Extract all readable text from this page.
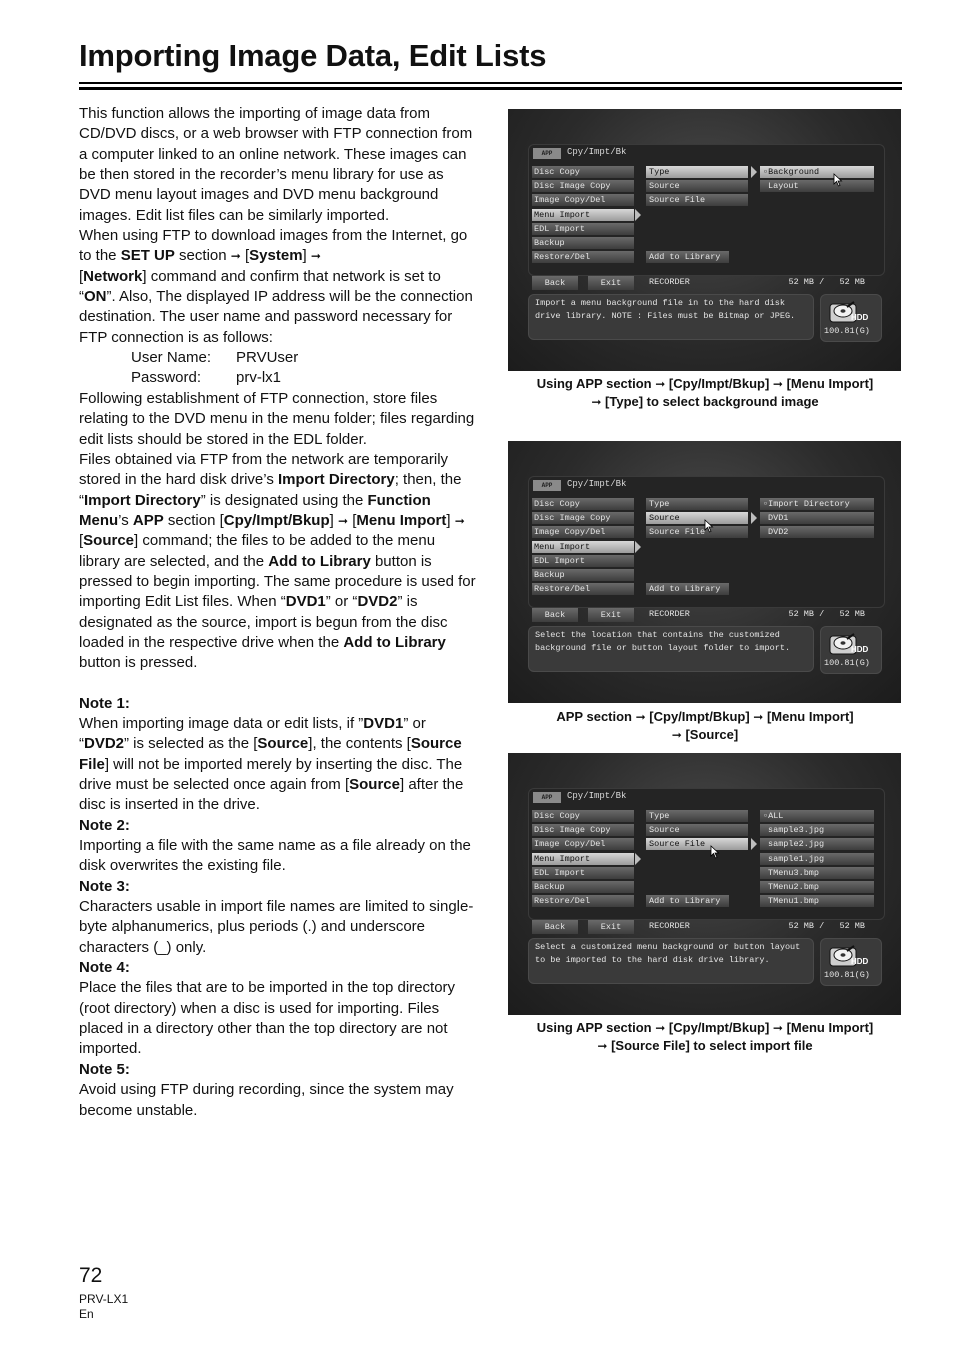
Importing Image Data, Edit Lists

This function allows the importing of image data from CD/DVD discs, or a web browser with FTP connection from a computer linked to an online network. These images can be then stored in the recorder’s menu library for use as DVD menu layout images and DVD menu background images. Edit list files can be similarly imported.

When using FTP to download images from the Internet, go to the SET UP section ➞ [System] ➞
[Network] command and confirm that network is set to “ON”. Also, The displayed IP address will be the connection destination. The user name and password necessary for FTP connection is as follows:

User Name: PRVUser

Password: prv-lx1

Following establishment of FTP connection, store files relating to the DVD menu in the menu folder; files regarding edit lists should be stored in the EDL folder.

Files obtained via FTP from the network are temporarily stored in the hard disk drive’s Import Directory; then, the “Import Directory” is designated using the Function Menu’s APP section [Cpy/Impt/Bkup] ➞ [Menu Import] ➞ [Source] command; the files to be added to the menu library are selected, and the Add to Library button is pressed to begin importing. The same procedure is used for importing Edit List files. When “DVD1” or “DVD2” is designated as the source, import is begun from the disc loaded in the respective drive when the Add to Library button is pressed.

Note 1:

When importing image data or edit lists, if ”DVD1” or “DVD2” is selected as the [Source], the contents [Source File] will not be imported merely by inserting the disc. The drive must be selected once again from [Source] after the disc is inserted in the drive.

Note 2:

Importing a file with the same name as a file already on the disk overwrites the existing file.

Note 3:

Characters usable in import file names are limited to single-byte alphanumerics, plus periods (.) and underscore characters (_) only.

Note 4:

Place the files that are to be imported in the top directory (root directory) when a disc is used for importing. Files placed in a directory other than the top directory are not imported.

Note 5:

Avoid using FTP during recording, since the system may become unstable.

APP	Cpy/Impt/Bk
Disc Copy
Disc Image Copy
Image Copy/Del
Menu Import
EDL Import
Backup
Restore/Del
Type
Source
Source File
Add to Library
▫Background
Layout
Back	Exit	RECORDER	52 MB /   52 MB
Import a menu background file in to the hard disk drive library. NOTE : Files must be Bitmap or JPEG.	HDD
100.81(G)
Using APP section ➞ [Cpy/Impt/Bkup] ➞ [Menu Import]
➞ [Type] to select background image
APP	Cpy/Impt/Bk
Disc Copy
Disc Image Copy
Image Copy/Del
Menu Import
EDL Import
Backup
Restore/Del
Type
Source
Source File
Add to Library
▫Import Directory
DVD1
DVD2
Back	Exit	RECORDER	52 MB /   52 MB
Select the location that contains the customized background file or button layout folder to import.	HDD
100.81(G)
APP section ➞ [Cpy/Impt/Bkup] ➞ [Menu Import]
➞ [Source]
APP	Cpy/Impt/Bk
Disc Copy
Disc Image Copy
Image Copy/Del
Menu Import
EDL Import
Backup
Restore/Del
Type
Source
Source File
Add to Library
▫ALL
sample3.jpg
sample2.jpg
sample1.jpg
TMenu3.bmp
TMenu2.bmp
TMenu1.bmp
Back	Exit	RECORDER	52 MB /   52 MB
Select a customized menu background or button layout to be imported to the hard disk drive library.	HDD
100.81(G)
Using APP section ➞ [Cpy/Impt/Bkup] ➞ [Menu Import]
➞ [Source File] to select import file
72
PRV-LX1
En
